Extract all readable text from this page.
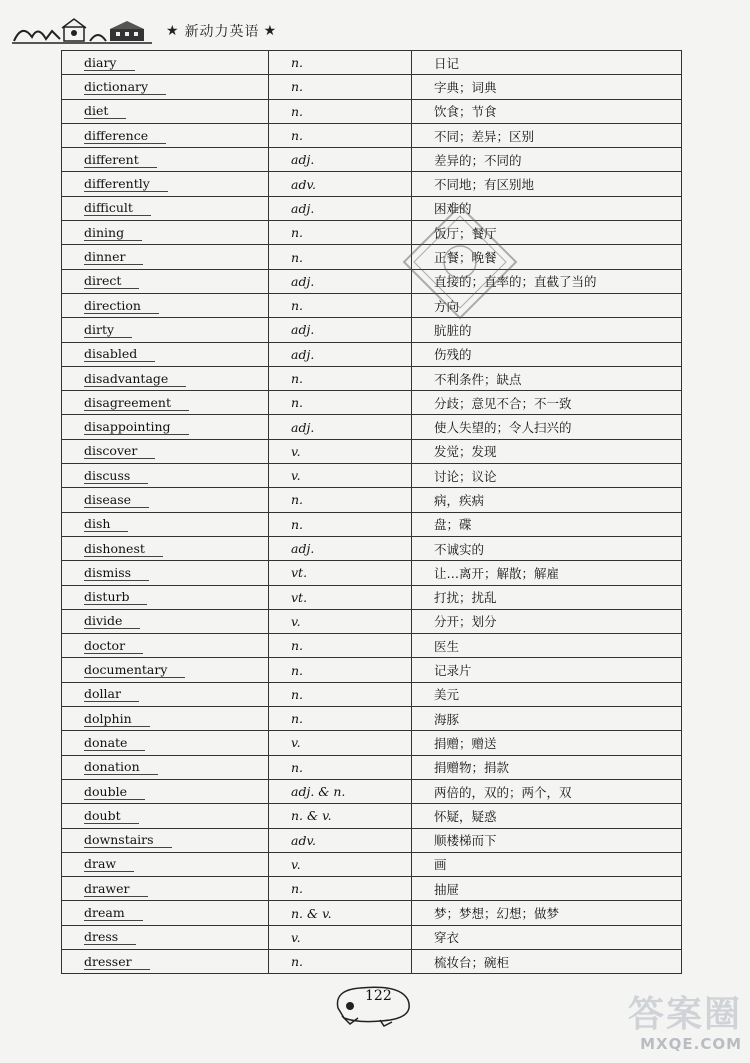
★ 新动力英语 ★
diary	n.	日记
dictionary	n.	字典；词典
diet	n.	饮食；节食
difference	n.	不同；差异；区别
different	adj.	差异的；不同的
differently	adv.	不同地；有区别地
difficult	adj.	困难的
dining	n.	饭厅；餐厅
dinner	n.	正餐；晚餐
direct	adj.	直接的；直率的；直截了当的
direction	n.	方向
dirty	adj.	肮脏的
disabled	adj.	伤残的
disadvantage	n.	不利条件；缺点
disagreement	n.	分歧；意见不合；不一致
disappointing	adj.	使人失望的；令人扫兴的
discover	v.	发觉；发现
discuss	v.	讨论；议论
disease	n.	病，疾病
dish	n.	盘；碟
dishonest	adj.	不诚实的
dismiss	vt.	让…离开；解散；解雇
disturb	vt.	打扰；扰乱
divide	v.	分开；划分
doctor	n.	医生
documentary	n.	记录片
dollar	n.	美元
dolphin	n.	海豚
donate	v.	捐赠；赠送
donation	n.	捐赠物；捐款
double	adj. & n.	两倍的，双的；两个，双
doubt	n. & v.	怀疑，疑惑
downstairs	adv.	顺楼梯而下
draw	v.	画
drawer	n.	抽屉
dream	n. & v.	梦；梦想；幻想；做梦
dress	v.	穿衣
dresser	n.	梳妆台；碗柜
122	答案圈
MXQE.COM
